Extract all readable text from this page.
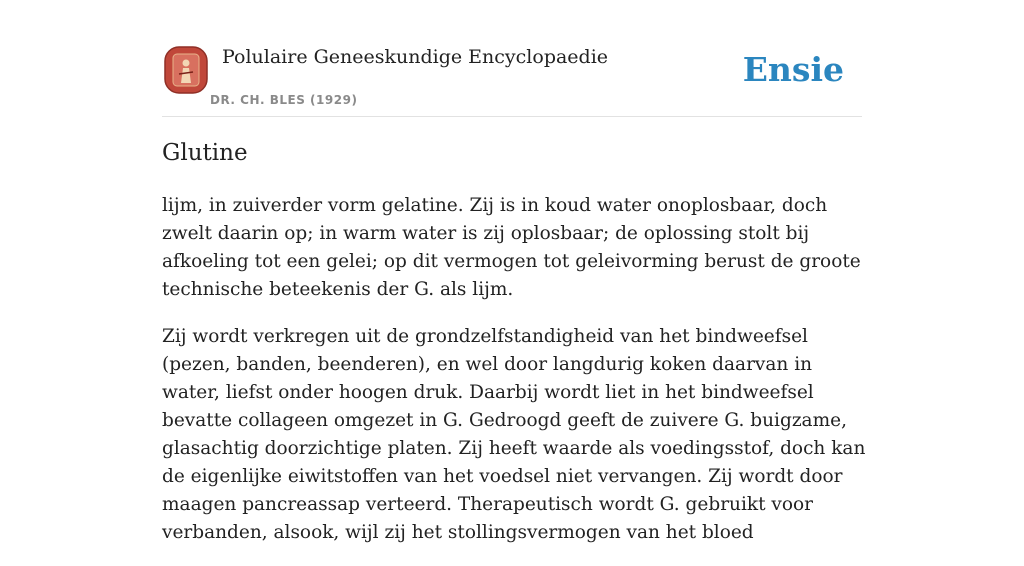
Polulaire Geneeskundige Encyclopaedie
DR. CH. BLES (1929)
Ensie
Glutine

lijm, in zuiverder vorm gelatine. Zij is in koud water onoplosbaar, doch zwelt daarin op; in warm water is zij oplosbaar; de oplossing stolt bij afkoeling tot een gelei; op dit vermogen tot geleivorming berust de groote technische beteekenis der G. als lijm.

Zij wordt verkregen uit de grondzelfstandigheid van het bindweefsel (pezen, banden, beenderen), en wel door langdurig koken daarvan in water, liefst onder hoogen druk. Daarbij wordt liet in het bindweefsel bevatte collageen omgezet in G. Gedroogd geeft de zuivere G. buigzame, glasachtig doorzichtige platen. Zij heeft waarde als voedingsstof, doch kan de eigenlijke eiwitstoffen van het voedsel niet vervangen. Zij wordt door maagen pancreassap verteerd. Therapeutisch wordt G. gebruikt voor verbanden, alsook, wijl zij het stollingsvermogen van het bloed
